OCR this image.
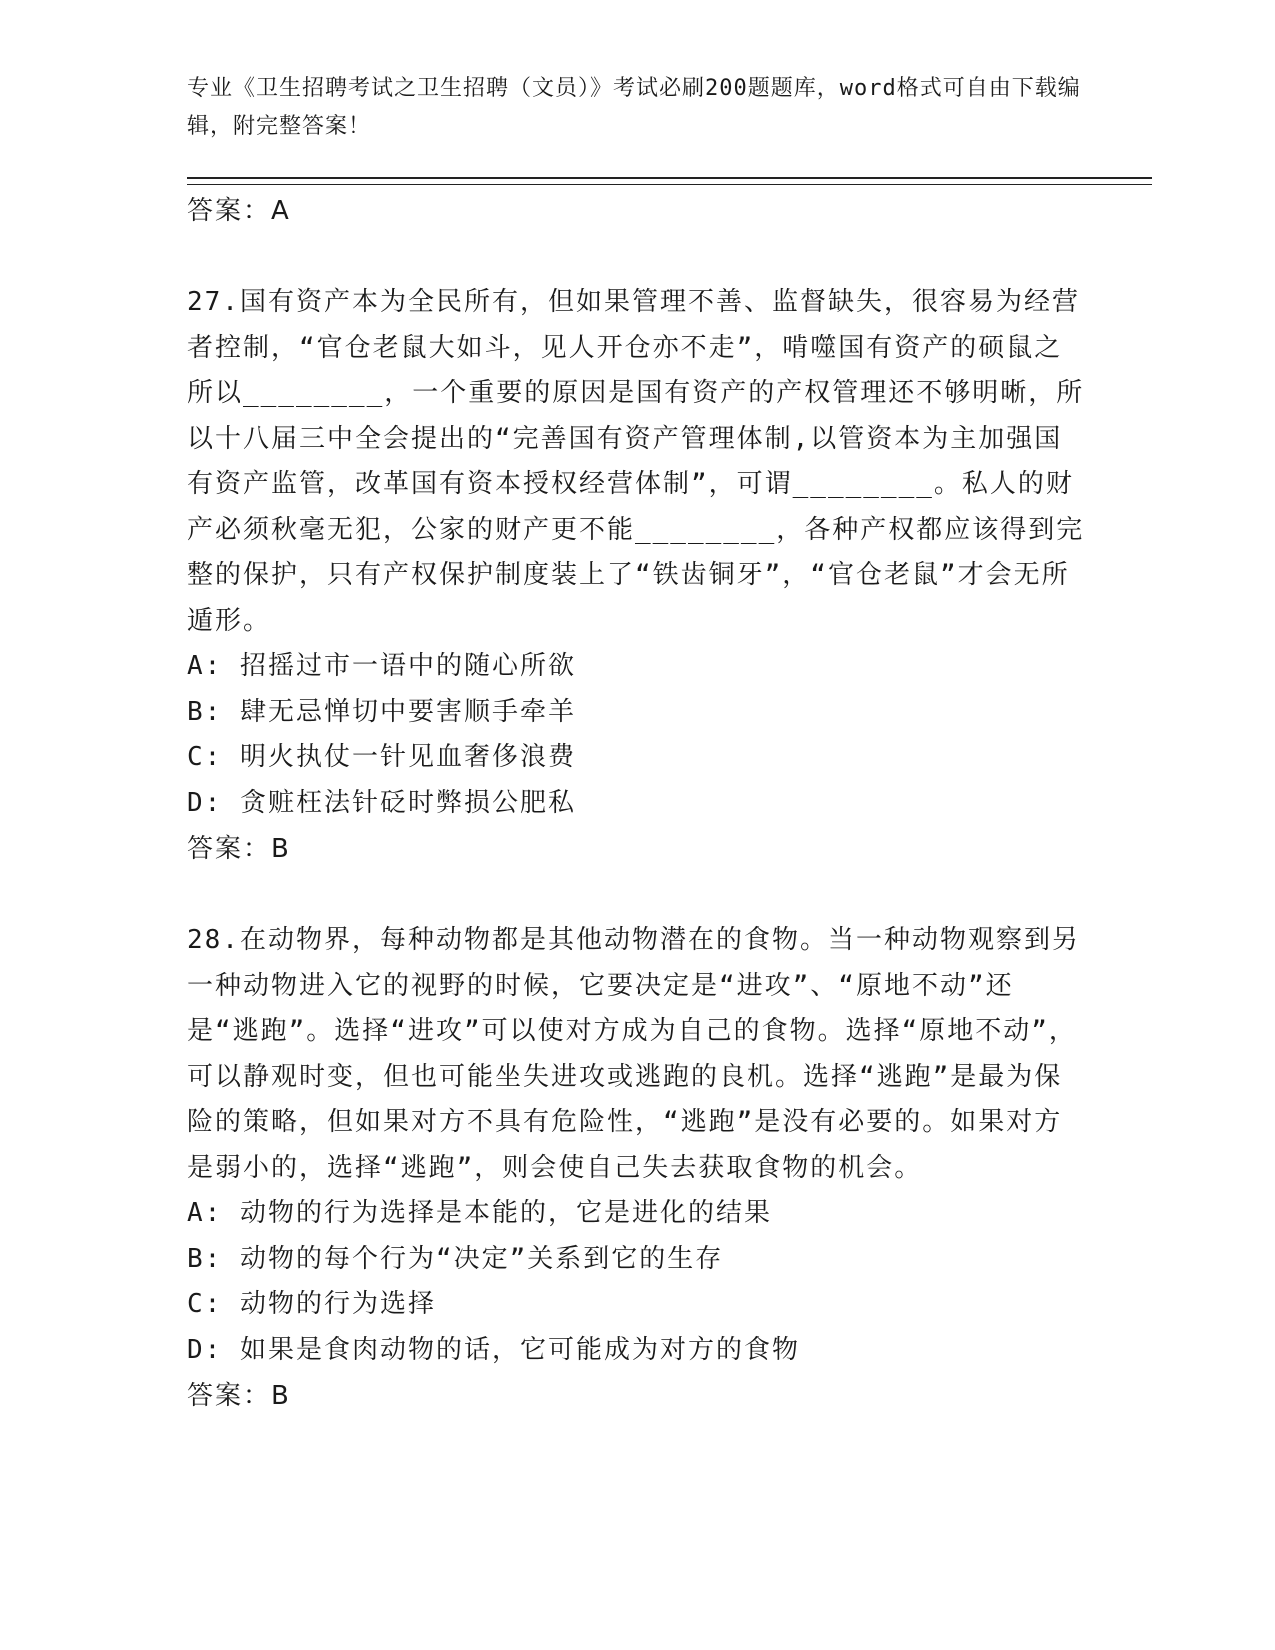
专业《卫生招聘考试之卫生招聘（文员）》考试必刷200题题库，word格式可自由下载编辑，附完整答案！
答案：A
27.国有资产本为全民所有，但如果管理不善、监督缺失，很容易为经营者控制，“官仓老鼠大如斗，见人开仓亦不走”，啃噬国有资产的硕鼠之所以________，一个重要的原因是国有资产的产权管理还不够明晰，所以十八届三中全会提出的“完善国有资产管理体制,以管资本为主加强国有资产监管，改革国有资本授权经营体制”，可谓________。私人的财产必须秋毫无犯，公家的财产更不能________，各种产权都应该得到完整的保护，只有产权保护制度装上了“铁齿铜牙”，“官仓老鼠”才会无所遁形。
A: 招摇过市一语中的随心所欲
B: 肆无忌惮切中要害顺手牵羊
C: 明火执仗一针见血奢侈浪费
D: 贪赃枉法针砭时弊损公肥私
答案：B
28.在动物界，每种动物都是其他动物潜在的食物。当一种动物观察到另一种动物进入它的视野的时候，它要决定是“进攻”、“原地不动”还是“逃跑”。选择“进攻”可以使对方成为自己的食物。选择“原地不动”，可以静观时变，但也可能坐失进攻或逃跑的良机。选择“逃跑”是最为保险的策略，但如果对方不具有危险性，“逃跑”是没有必要的。如果对方是弱小的，选择“逃跑”，则会使自己失去获取食物的机会。
A: 动物的行为选择是本能的，它是进化的结果
B: 动物的每个行为“决定”关系到它的生存
C: 动物的行为选择
D: 如果是食肉动物的话，它可能成为对方的食物
答案：B
